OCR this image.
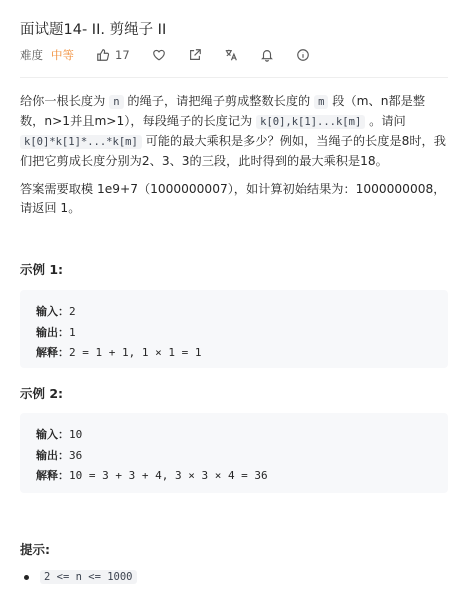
面试题14- II. 剪绳子 II
难度 中等	17
给你一根长度为 n 的绳子，请把绳子剪成整数长度的 m 段（m、n都是整数，n>1并且m>1），每段绳子的长度记为 k[0],k[1]...k[m] 。请问 k[0]*k[1]*...*k[m] 可能的最大乘积是多少？例如，当绳子的长度是8时，我们把它剪成长度分别为2、3、3的三段，此时得到的最大乘积是18。
答案需要取模 1e9+7（1000000007），如计算初始结果为：1000000008，请返回 1。
示例 1:
输入：2
输出：1
解释：2 = 1 + 1, 1 × 1 = 1
示例 2:
输入：10
输出：36
解释：10 = 3 + 3 + 4, 3 × 3 × 4 = 36
提示:
2 <= n <= 1000
